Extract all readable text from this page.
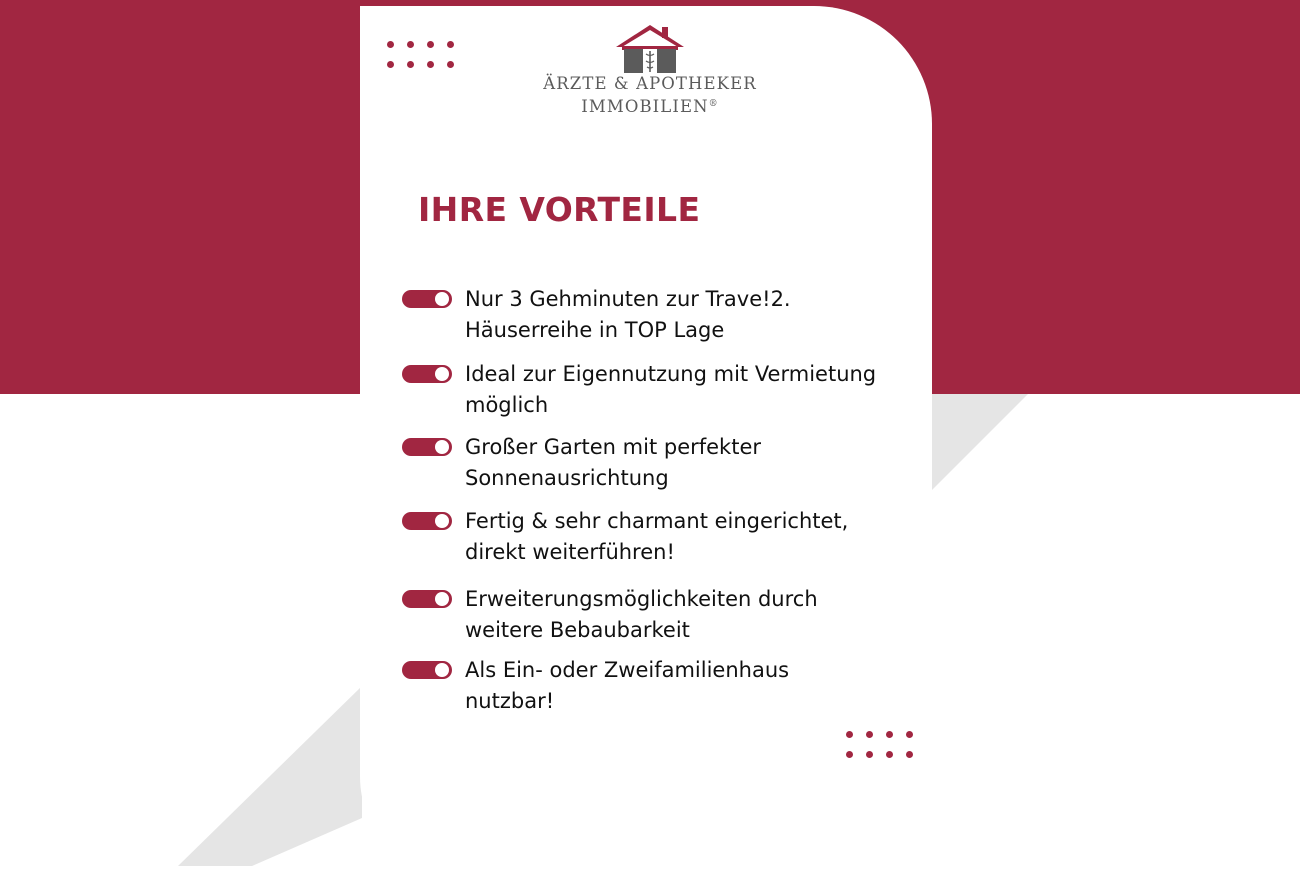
ÄRZTE & APOTHEKER
IMMOBILIEN®
IHRE VORTEILE
Nur 3 Gehminuten zur Trave!2.
Häuserreihe in TOP Lage
Ideal zur Eigennutzung mit Vermietung
möglich
Großer Garten mit perfekter
Sonnenausrichtung
Fertig & sehr charmant eingerichtet,
direkt weiterführen!
Erweiterungsmöglichkeiten durch
weitere Bebaubarkeit
Als Ein- oder Zweifamilienhaus
nutzbar!
